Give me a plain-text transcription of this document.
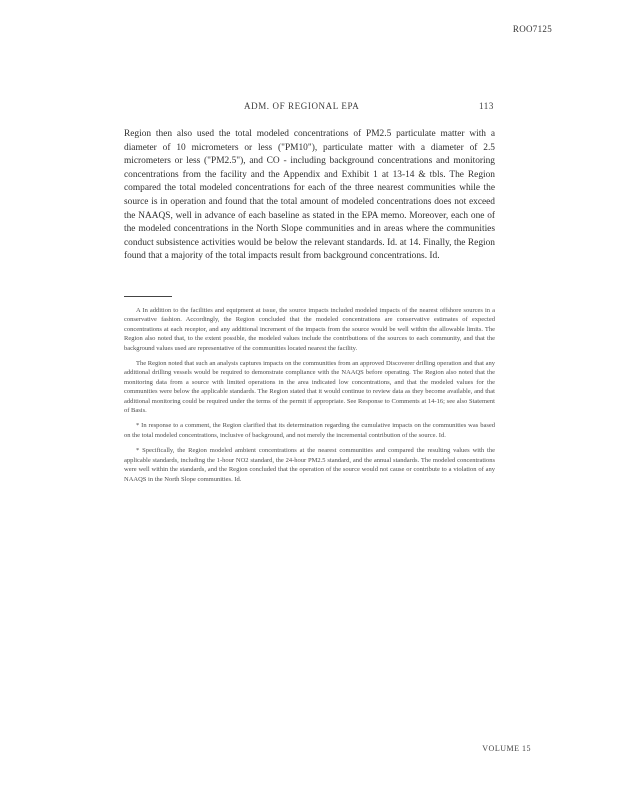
ROO7125
ADM. OF REGIONAL EPA	113

Region then also used the total modeled concentrations of PM2.5 particulate matter with a diameter of 10 micrometers or less ("PM10"), particulate matter with a diameter of 2.5 micrometers or less ("PM2.5"), and CO - including background concentrations and monitoring concentrations from the facility and the Appendix and Exhibit 1 at 13-14 & tbls. The Region compared the total modeled concentrations for each of the three nearest communities while the source is in operation and found that the total amount of modeled concentrations does not exceed the NAAQS, well in advance of each baseline as stated in the EPA memo. Moreover, each one of the modeled concentrations in the North Slope communities and in areas where the communities conduct subsistence activities would be below the relevant standards. Id. at 14. Finally, the Region found that a majority of the total impacts result from background concentrations. Id.

A In addition to the facilities and equipment at issue, the source impacts included modeled impacts of the nearest offshore sources in a conservative fashion. Accordingly, the Region concluded that the modeled concentrations are conservative estimates of expected concentrations at each receptor, and any additional increment of the impacts from the source would be well within the allowable limits. The Region also noted that, to the extent possible, the modeled values include the contributions of the sources to each community, and that the background values used are representative of the communities located nearest the facility.

The Region noted that such an analysis captures impacts on the communities from an approved Discoverer drilling operation and that any additional drilling vessels would be required to demonstrate compliance with the NAAQS before operating. The Region also noted that the monitoring data from a source with limited operations in the area indicated low concentrations, and that the modeled values for the communities were below the applicable standards. The Region stated that it would continue to review data as they become available, and that additional monitoring could be required under the terms of the permit if appropriate. See Response to Comments at 14-16; see also Statement of Basis.

* In response to a comment, the Region clarified that its determination regarding the cumulative impacts on the communities was based on the total modeled concentrations, inclusive of background, and not merely the incremental contribution of the source. Id.

* Specifically, the Region modeled ambient concentrations at the nearest communities and compared the resulting values with the applicable standards, including the 1-hour NO2 standard, the 24-hour PM2.5 standard, and the annual standards. The modeled concentrations were well within the standards, and the Region concluded that the operation of the source would not cause or contribute to a violation of any NAAQS in the North Slope communities. Id.

VOLUME 15
